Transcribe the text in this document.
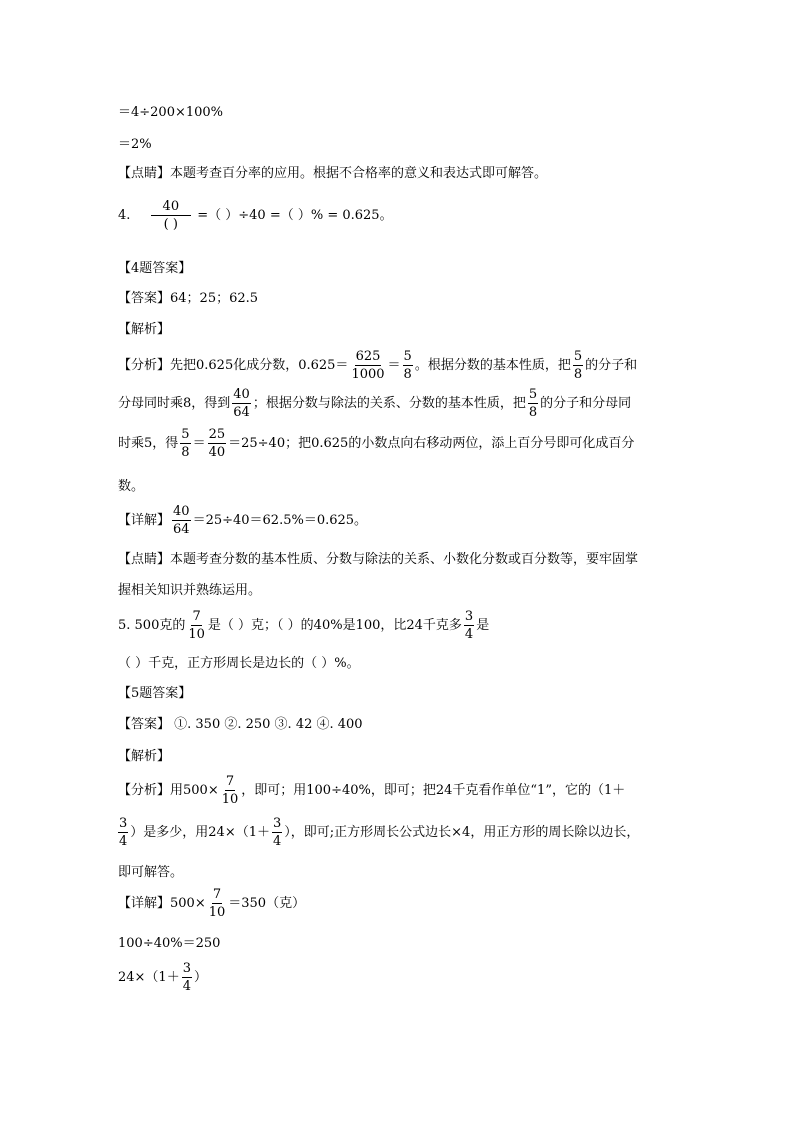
＝4÷200×100%
＝2%
【点睛】本题考查百分率的应用。根据不合格率的意义和表达式即可解答。
4. $\frac{40}{( )}$ =（ ）÷40 =（ ）% = 0.625。
【4题答案】
【答案】64；25；62.5
【解析】
【分析】先把0.625化成分数，$0.625= \frac{625}{1000} = \frac{5}{8}$ 。根据分数的基本性质，把 $\frac{5}{8}$ 的分子和
分母同时乘8，得到 $\frac{40}{64}$ ；根据分数与除法的关系、分数的基本性质，把 $\frac{5}{8}$ 的分子和分母同
时乘5，得 $\frac{5}{8} = \frac{25}{40} =25\div 40$；把0.625的小数点向右移动两位，添上百分号即可化成百分
数。
【详解】 $\frac{40}{64} =25\div 40=62.5\%=0.625$。
【点睛】本题考查分数的基本性质、分数与除法的关系、小数化分数或百分数等，要牢固掌
握相关知识并熟练运用。
5. 500克的 $\frac{7}{10}$ 是（ ）克；（ ）的40%是100，比24千克多 $\frac{3}{4}$ 是
（ ）千克，正方形周长是边长的（ ）%。
【5题答案】
【答案】 ①. 350 ②. 250 ③. 42 ④. 400
【解析】
【分析】用$500\times \frac{7}{10}$ ，即可；用100÷40%，即可；把24千克看作单位“1”，它的（1＋
$\frac{3}{4}$ ）是多少，用$24\times(1+ \frac{3}{4}$ ），即可;正方形周长公式边长×4，用正方形的周长除以边长，
即可解答。
【详解】$500\times \frac{7}{10} =350$（克）
100÷40%＝250
$24\times(1+ \frac{3}{4}$ ）
